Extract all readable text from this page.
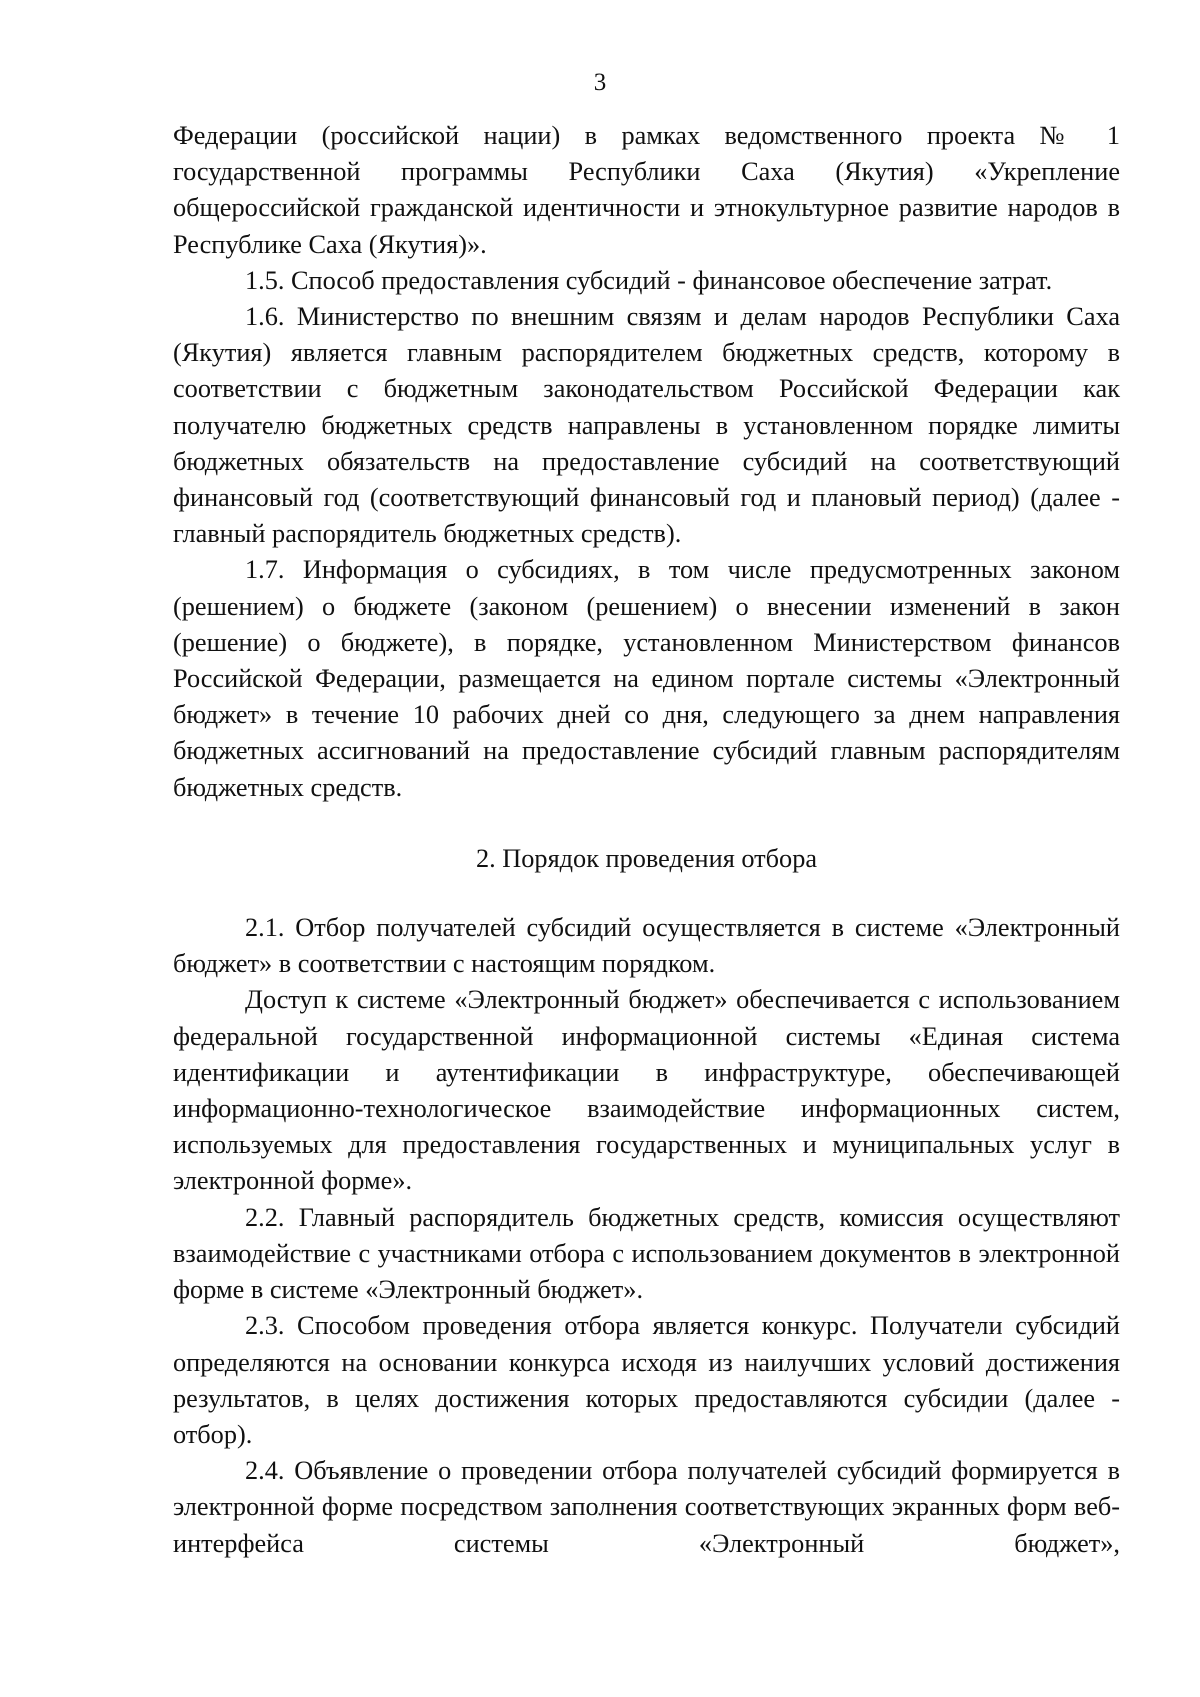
3

Федерации (российской нации) в рамках ведомственного проекта № 1 государственной программы Республики Саха (Якутия) «Укрепление общероссийской гражданской идентичности и этнокультурное развитие народов в Республике Саха (Якутия)».

1.5. Способ предоставления субсидий - финансовое обеспечение затрат.

1.6. Министерство по внешним связям и делам народов Республики Саха (Якутия) является главным распорядителем бюджетных средств, которому в соответствии с бюджетным законодательством Российской Федерации как получателю бюджетных средств направлены в установленном порядке лимиты бюджетных обязательств на предоставление субсидий на соответствующий финансовый год (соответствующий финансовый год и плановый период) (далее - главный распорядитель бюджетных средств).

1.7. Информация о субсидиях, в том числе предусмотренных законом (решением) о бюджете (законом (решением) о внесении изменений в закон (решение) о бюджете), в порядке, установленном Министерством финансов Российской Федерации, размещается на едином портале системы «Электронный бюджет» в течение 10 рабочих дней со дня, следующего за днем направления бюджетных ассигнований на предоставление субсидий главным распорядителям бюджетных средств.

2. Порядок проведения отбора

2.1. Отбор получателей субсидий осуществляется в системе «Электронный бюджет» в соответствии с настоящим порядком.

Доступ к системе «Электронный бюджет» обеспечивается с использованием федеральной государственной информационной системы «Единая система идентификации и аутентификации в инфраструктуре, обеспечивающей информационно-технологическое взаимодействие информационных систем, используемых для предоставления государственных и муниципальных услуг в электронной форме».

2.2. Главный распорядитель бюджетных средств, комиссия осуществляют взаимодействие с участниками отбора с использованием документов в электронной форме в системе «Электронный бюджет».

2.3. Способом проведения отбора является конкурс. Получатели субсидий определяются на основании конкурса исходя из наилучших условий достижения результатов, в целях достижения которых предоставляются субсидии (далее - отбор).

2.4. Объявление о проведении отбора получателей субсидий формируется в электронной форме посредством заполнения соответствующих экранных форм веб-интерфейса системы «Электронный бюджет»,
